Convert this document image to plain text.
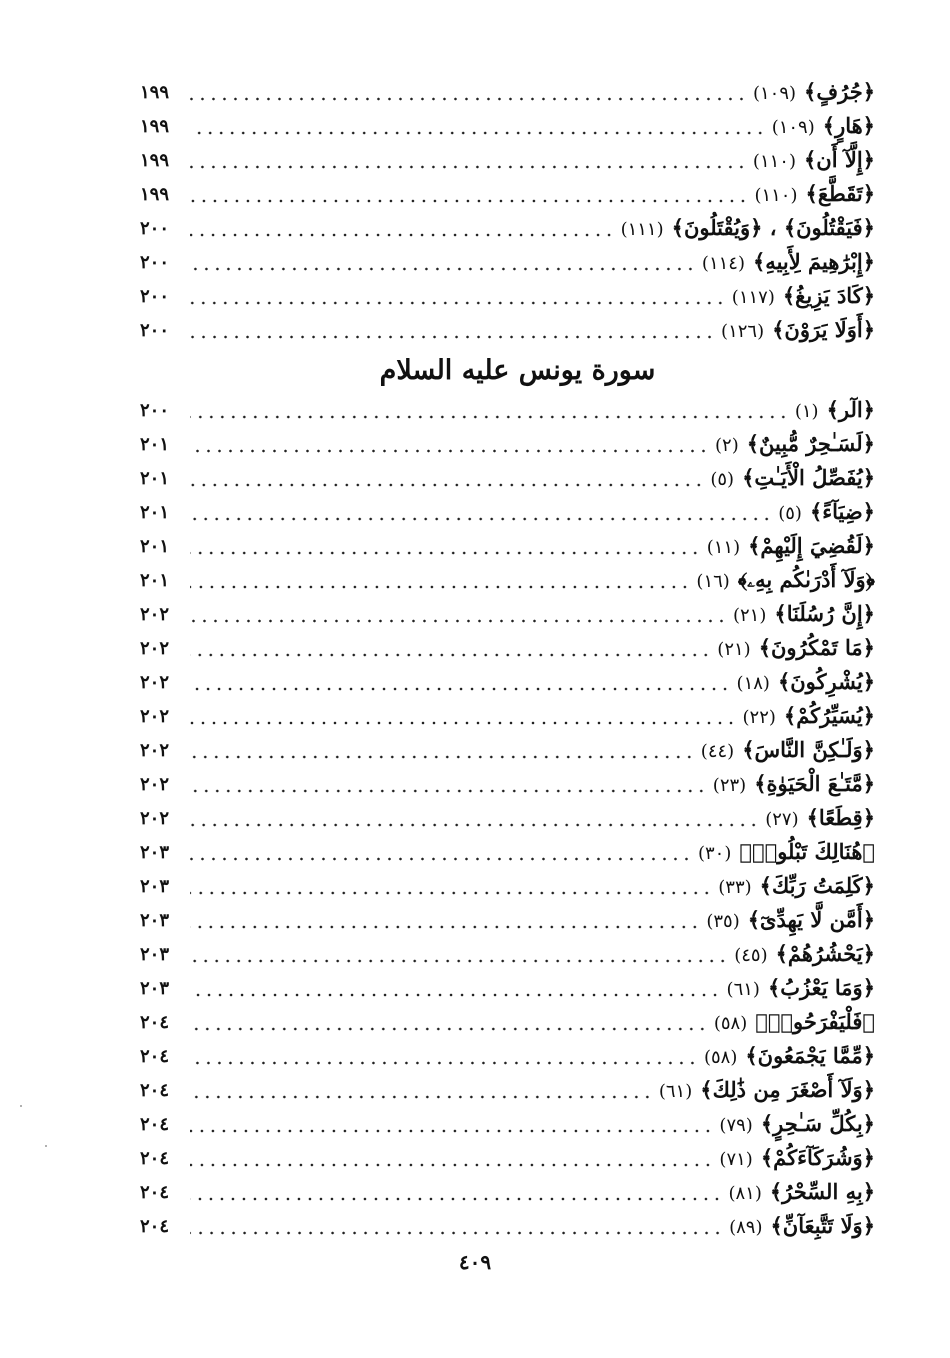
﴿جُرُفٍ﴾(١٠٩)
١٩٩
﴿هَارٍ﴾(١٠٩)
١٩٩
﴿إِلَّآ أَن﴾(١١٠)
١٩٩
﴿تَقَطَّعَ﴾(١١٠)
١٩٩
﴿فَيَقْتُلُونَ﴾ ، ﴿وَيُقْتَلُونَ﴾(١١١)
٢٠٠
﴿إِبْرَٰهِيمَ لِأَبِيهِ﴾(١١٤)
٢٠٠
﴿كَادَ يَزِيغُ﴾(١١٧)
٢٠٠
﴿أَوَلَا يَرَوْنَ﴾(١٢٦)
٢٠٠
سورة يونس عليه السلام
﴿الٓر﴾(١)
٢٠٠
﴿لَسَـٰحِرٌ مُّبِينٌ﴾(٢)
٢٠١
﴿يُفَصِّلُ الْأَيَـٰتِ﴾(٥)
٢٠١
﴿ضِيَآءً﴾(٥)
٢٠١
﴿لَقُضِيَ إِلَيْهِمْ﴾(١١)
٢٠١
﴿وَلَآ أَدْرَىٰكُم بِهِۦ﴾(١٦)
٢٠١
﴿إِنَّ رُسُلَنَا﴾(٢١)
٢٠٢
﴿مَا تَمْكُرُونَ﴾(٢١)
٢٠٢
﴿يُشْرِكُونَ﴾(١٨)
٢٠٢
﴿يُسَيِّرُكُمْ﴾(٢٢)
٢٠٢
﴿وَلَـٰكِنَّ النَّاسَ﴾(٤٤)
٢٠٢
﴿مَّتَـٰعَ الْحَيَوٰةِ﴾(٢٣)
٢٠٢
﴿قِطَعًا﴾(٢٧)
٢٠٢
﴿هُنَالِكَ تَبْلُوا۟﴾(٣٠)
٢٠٣
﴿كَلِمَتُ رَبِّكَ﴾(٣٣)
٢٠٣
﴿أَمَّن لَّا يَهِدِّىٓ﴾(٣٥)
٢٠٣
﴿يَحْشُرُهُمْ﴾(٤٥)
٢٠٣
﴿وَمَا يَعْزُبُ﴾(٦١)
٢٠٣
﴿فَلْيَفْرَحُوا۟﴾(٥٨)
٢٠٤
﴿مِّمَّا يَجْمَعُونَ﴾(٥٨)
٢٠٤
﴿وَلَآ أَصْغَرَ مِن ذَٰلِكَ﴾(٦١)
٢٠٤
﴿بِكُلِّ سَـٰحِرٍ﴾(٧٩)
٢٠٤
﴿وَشُرَكَآءَكُمْ﴾(٧١)
٢٠٤
﴿بِهِ السِّحْرُ﴾(٨١)
٢٠٤
﴿وَلَا تَتَّبِعَآنِّ﴾(٨٩)
٢٠٤
٤٠٩
